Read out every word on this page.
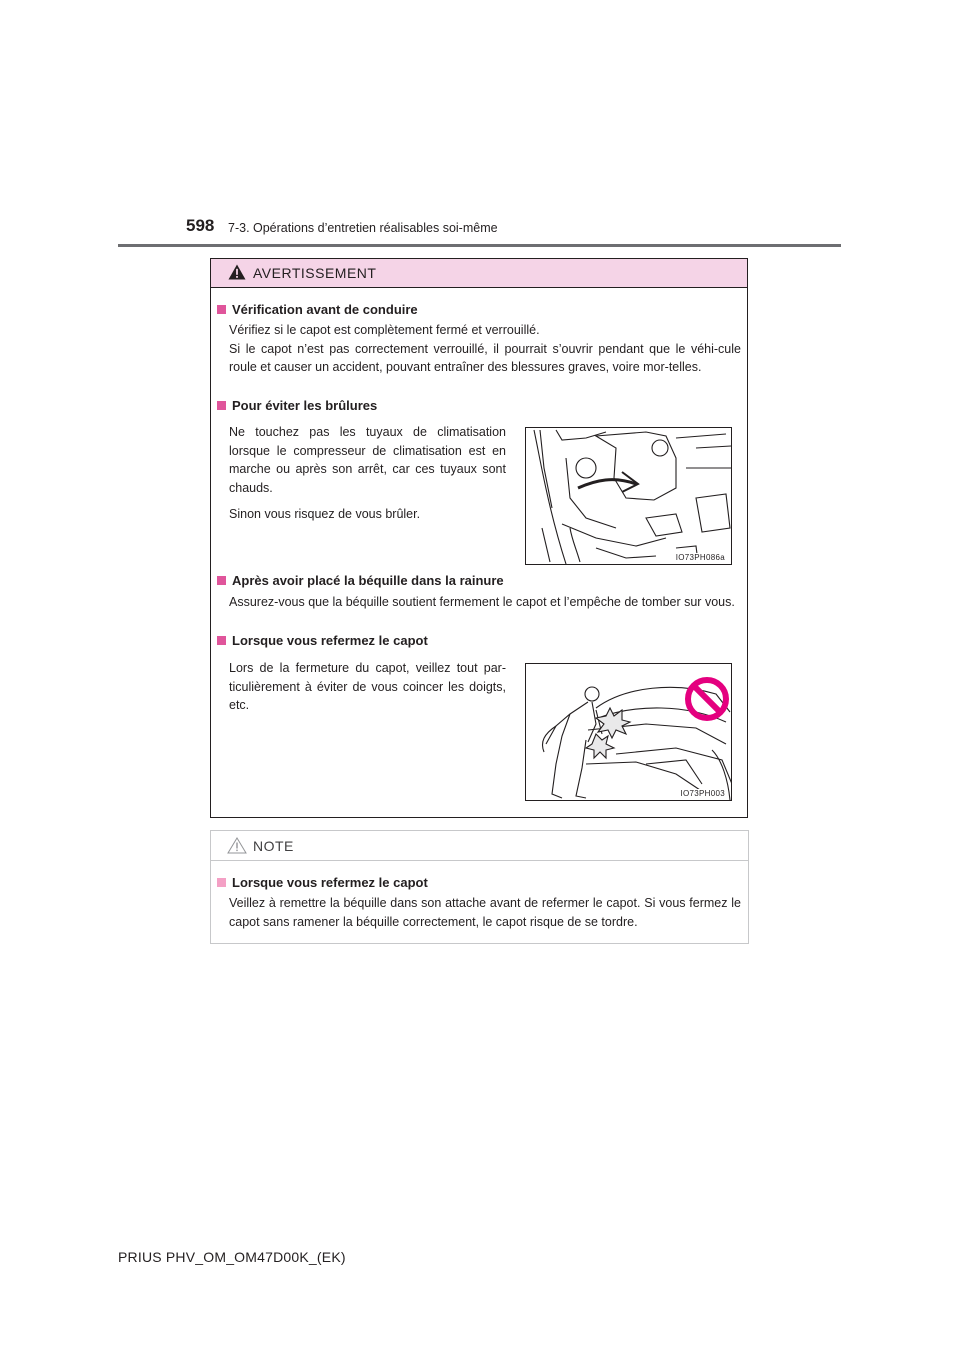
598 7-3. Opérations d’entretien réalisables soi-même
AVERTISSEMENT
Vérification avant de conduire

Vérifiez si le capot est complètement fermé et verrouillé.

Si le capot n’est pas correctement verrouillé, il pourrait s’ouvrir pendant que le véhi-cule roule et causer un accident, pouvant entraîner des blessures graves, voire mor-telles.

Pour éviter les brûlures

Ne touchez pas les tuyaux de climatisation lorsque le compresseur de climatisation est en marche ou après son arrêt, car ces tuyaux sont chauds.

Sinon vous risquez de vous brûler.

IO73PH086a
Après avoir placé la béquille dans la rainure

Assurez-vous que la béquille soutient fermement le capot et l’empêche de tomber sur vous.

Lorsque vous refermez le capot

Lors de la fermeture du capot, veillez tout par-ticulièrement à éviter de vous coincer les doigts, etc.

IO73PH003
NOTE
Lorsque vous refermez le capot

Veillez à remettre la béquille dans son attache avant de refermer le capot. Si vous fermez le capot sans ramener la béquille correctement, le capot risque de se tordre.

PRIUS PHV_OM_OM47D00K_(EK)
